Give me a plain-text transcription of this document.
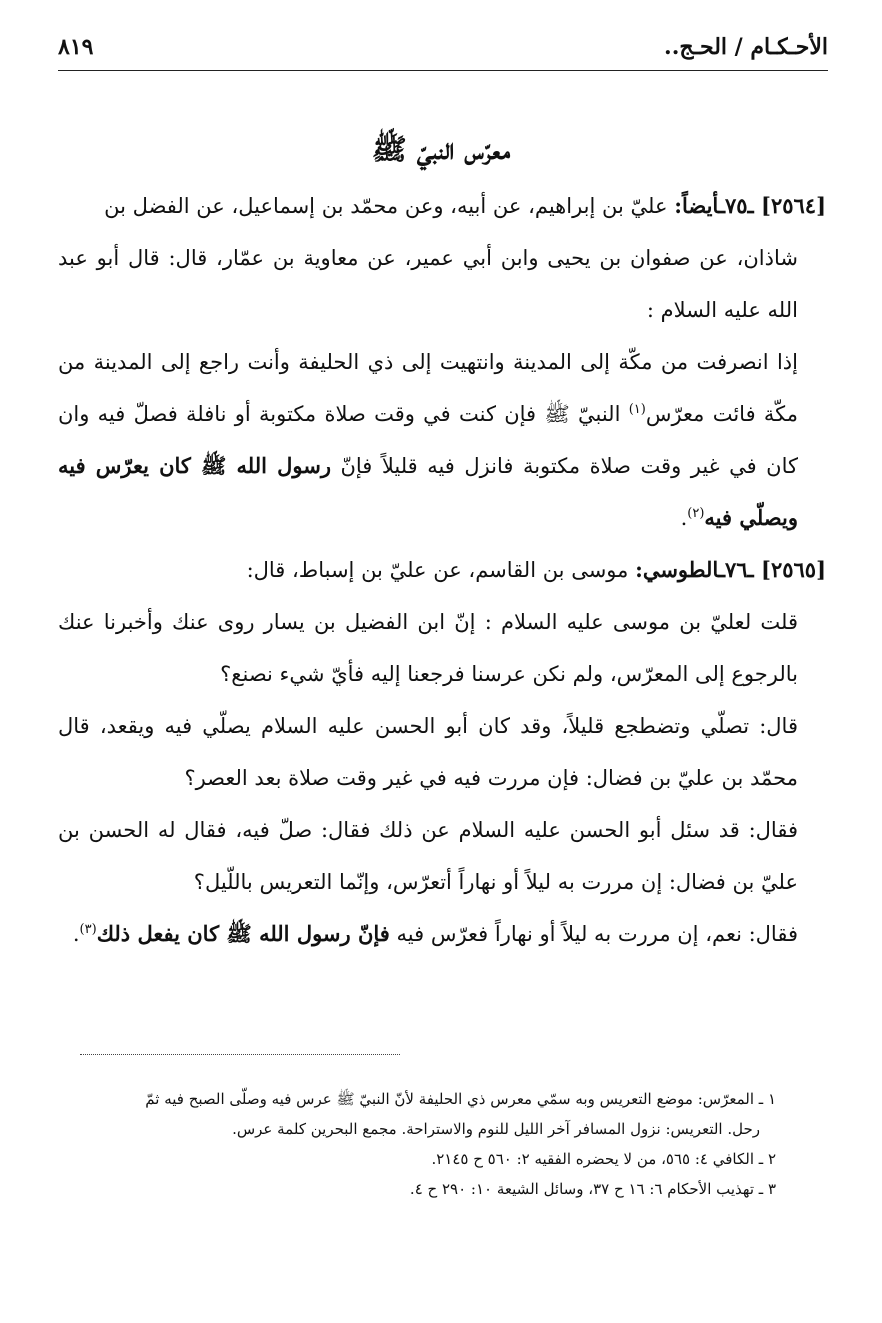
الأحـكـام / الحـج..
٨١٩
معرّس النبيّ ﷺ

[٢٥٦٤] ـ٧٥ـأيضاً: عليّ بن إبراهيم، عن أبيه، وعن محمّد بن إسماعيل، عن الفضل بن

شاذان، عن صفوان بن يحيى وابن أبي عمير، عن معاوية بن عمّار، قال: قال أبو عبد الله عليه السلام :

إذا انصرفت من مكّة إلى المدينة وانتهيت إلى ذي الحليفة وأنت راجع إلى المدينة من مكّة فائت معرّس$^{(١)}$ النبيّ ﷺ فإن كنت في وقت صلاة مكتوبة أو نافلة فصلّ فيه وان كان في غير وقت صلاة مكتوبة فانزل فيه قليلاً فإنّ رسول الله ﷺ كان يعرّس فيه ويصلّي فيه$^{(٢)}$.

[٢٥٦٥] ـ٧٦ـالطوسي: موسى بن القاسم، عن عليّ بن إسباط، قال:

قلت لعليّ بن موسى عليه السلام : إنّ ابن الفضيل بن يسار روى عنك وأخبرنا عنك بالرجوع إلى المعرّس، ولم نكن عرسنا فرجعنا إليه فأيّ شيء نصنع؟

قال: تصلّي وتضطجع قليلاً، وقد كان أبو الحسن عليه السلام يصلّي فيه ويقعد، قال محمّد بن عليّ بن فضال: فإن مررت فيه في غير وقت صلاة بعد العصر؟

فقال: قد سئل أبو الحسن عليه السلام عن ذلك فقال: صلّ فيه، فقال له الحسن بن عليّ بن فضال: إن مررت به ليلاً أو نهاراً أتعرّس، وإنّما التعريس باللّيل؟

فقال: نعم، إن مررت به ليلاً أو نهاراً فعرّس فيه فإنّ رسول الله ﷺ كان يفعل ذلك$^{(٣)}$.

١ ـ المعرّس: موضع التعريس وبه سمّي معرس ذي الحليفة لأنّ النبيّ ﷺ عرس فيه وصلّى الصبح فيه ثمّ

رحل. التعريس: نزول المسافر آخر الليل للنوم والاستراحة. مجمع البحرين كلمة عرس.

٢ ـ الكافي ٤: ٥٦٥، من لا يحضره الفقيه ٢: ٥٦٠ ح ٢١٤٥.

٣ ـ تهذيب الأحكام ٦: ١٦ ح ٣٧، وسائل الشيعة ١٠: ٢٩٠ ح ٤.
